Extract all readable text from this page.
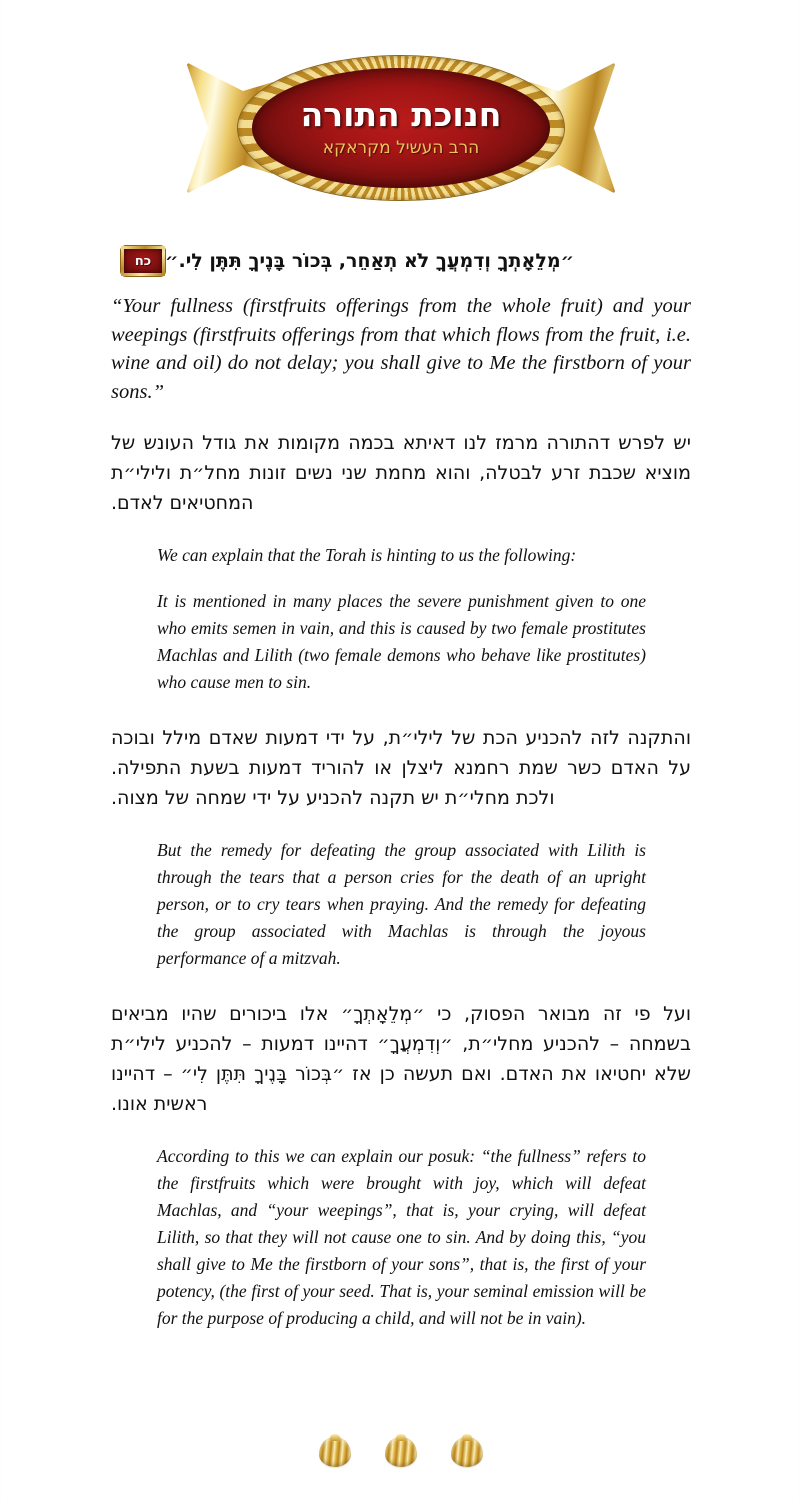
חנוכת התורה
הרב העשיל מקראקא
כח ״מְלֵאָתְךָ וְדִמְעֲךָ לֹא תְאַחֵר, בְּכוֹר בָּנֶיךָ תִּתֶּן לִי.״

“Your fullness (firstfruits offerings from the whole fruit) and your weepings (firstfruits offerings from that which flows from the fruit, i.e. wine and oil) do not delay; you shall give to Me the firstborn of your sons.”

יש לפרש דהתורה מרמז לנו דאיתא בכמה מקומות את גודל העונש של מוציא שכבת זרע לבטלה, והוא מחמת שני נשים זונות מחל״ת ולילי״ת המחטיאים לאדם.

We can explain that the Torah is hinting to us the following:

It is mentioned in many places the severe punishment given to one who emits semen in vain, and this is caused by two female prostitutes Machlas and Lilith (two female demons who behave like prostitutes) who cause men to sin.

והתקנה לזה להכניע הכת של לילי״ת, על ידי דמעות שאדם מילל ובוכה על האדם כשר שמת רחמנא ליצלן או להוריד דמעות בשעת התפילה. ולכת מחלי״ת יש תקנה להכניע על ידי שמחה של מצוה.

But the remedy for defeating the group associated with Lilith is through the tears that a person cries for the death of an upright person, or to cry tears when praying. And the remedy for defeating the group associated with Machlas is through the joyous performance of a mitzvah.

ועל פי זה מבואר הפסוק, כי ״מְלֵאָתְךָ״ אלו ביכורים שהיו מביאים בשמחה – להכניע מחלי״ת, ״וְדִמְעֲךָ״ דהיינו דמעות – להכניע לילי״ת שלא יחטיאו את האדם. ואם תעשה כן אז ״בְּכוֹר בָּנֶיךָ תִּתֶּן לִי״ – דהיינו ראשית אונו.

According to this we can explain our posuk: “the fullness” refers to the firstfruits which were brought with joy, which will defeat Machlas, and “your weepings”, that is, your crying, will defeat Lilith, so that they will not cause one to sin. And by doing this, “you shall give to Me the firstborn of your sons”, that is, the first of your potency, (the first of your seed. That is, your seminal emission will be for the purpose of producing a child, and will not be in vain).
